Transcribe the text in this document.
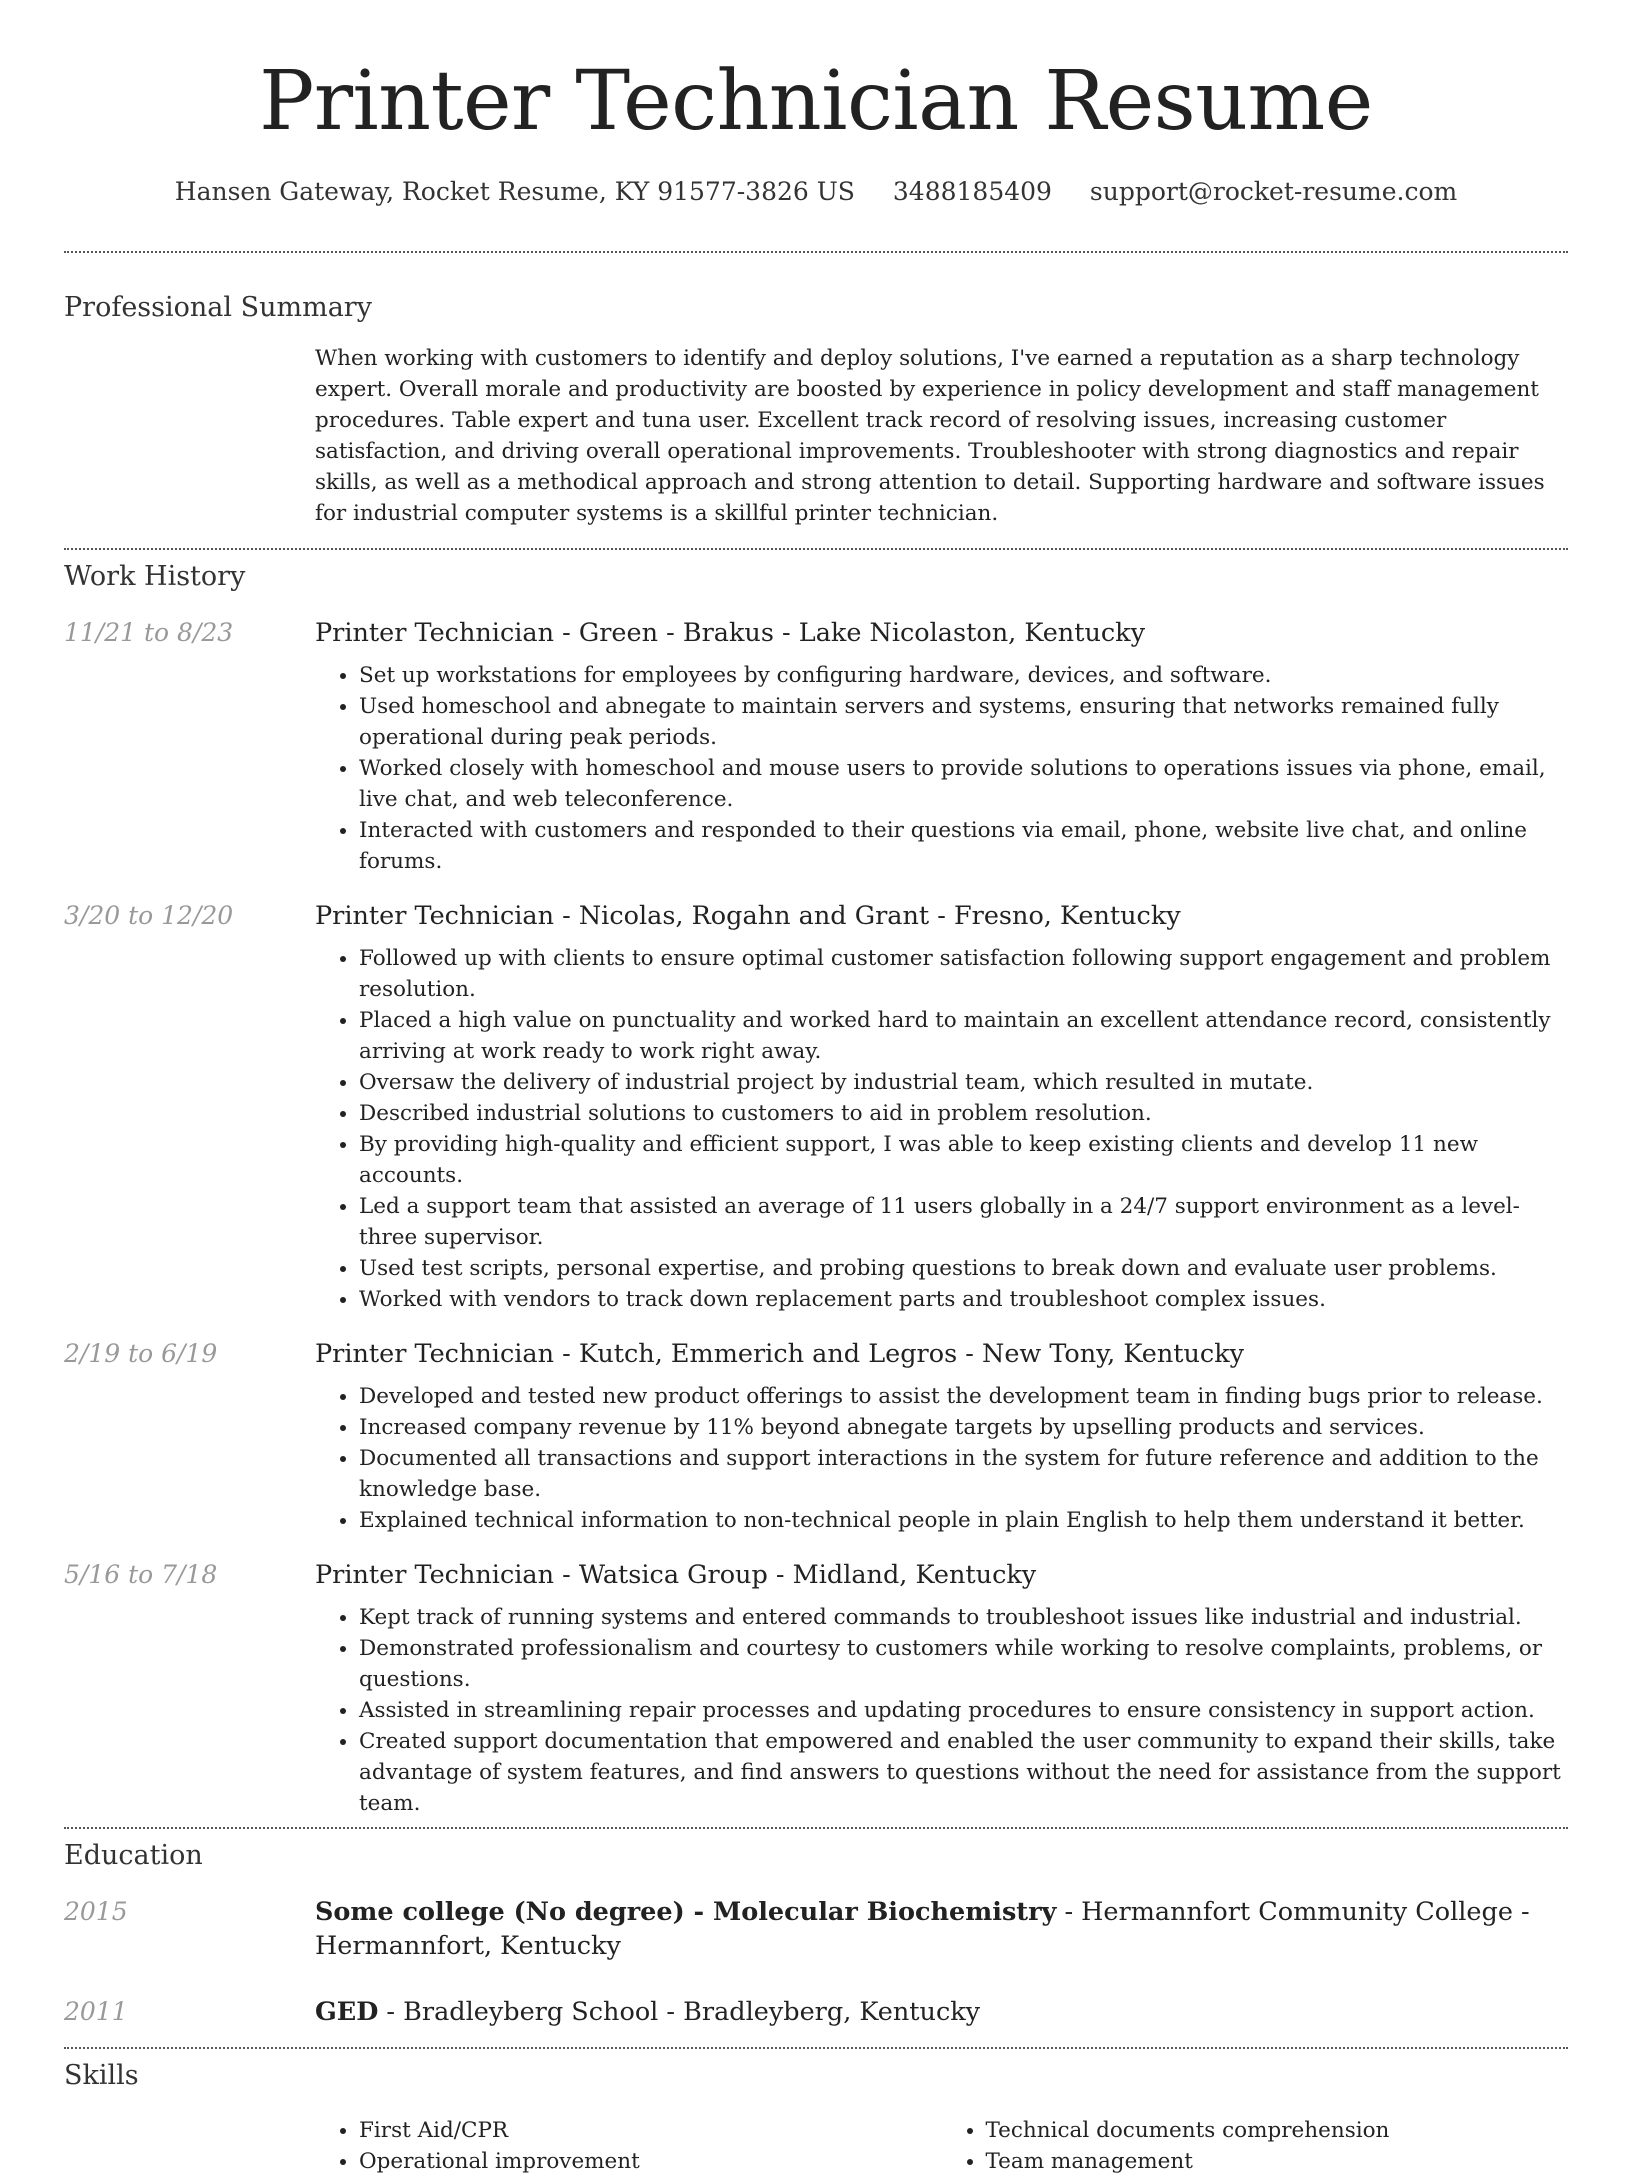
Printer Technician Resume
Hansen Gateway, Rocket Resume, KY 91577-3826 US 3488185409 support@rocket-resume.com
Professional Summary

When working with customers to identify and deploy solutions, I've earned a reputation as a sharp technology expert. Overall morale and productivity are boosted by experience in policy development and staff management procedures. Table expert and tuna user. Excellent track record of resolving issues, increasing customer satisfaction, and driving overall operational improvements. Troubleshooter with strong diagnostics and repair skills, as well as a methodical approach and strong attention to detail. Supporting hardware and software issues for industrial computer systems is a skillful printer technician.

Work History
11/21 to 8/23	Printer Technician - Green - Brakus - Lake Nicolaston, Kentucky
• Set up workstations for employees by configuring hardware, devices, and software.
• Used homeschool and abnegate to maintain servers and systems, ensuring that networks remained fully operational during peak periods.
• Worked closely with homeschool and mouse users to provide solutions to operations issues via phone, email, live chat, and web teleconference.
• Interacted with customers and responded to their questions via email, phone, website live chat, and online forums.
3/20 to 12/20	Printer Technician - Nicolas, Rogahn and Grant - Fresno, Kentucky
• Followed up with clients to ensure optimal customer satisfaction following support engagement and problem resolution.
• Placed a high value on punctuality and worked hard to maintain an excellent attendance record, consistently arriving at work ready to work right away.
• Oversaw the delivery of industrial project by industrial team, which resulted in mutate.
• Described industrial solutions to customers to aid in problem resolution.
• By providing high-quality and efficient support, I was able to keep existing clients and develop 11 new accounts.
• Led a support team that assisted an average of 11 users globally in a 24/7 support environment as a level-three supervisor.
• Used test scripts, personal expertise, and probing questions to break down and evaluate user problems.
• Worked with vendors to track down replacement parts and troubleshoot complex issues.
2/19 to 6/19	Printer Technician - Kutch, Emmerich and Legros - New Tony, Kentucky
• Developed and tested new product offerings to assist the development team in finding bugs prior to release.
• Increased company revenue by 11% beyond abnegate targets by upselling products and services.
• Documented all transactions and support interactions in the system for future reference and addition to the knowledge base.
• Explained technical information to non-technical people in plain English to help them understand it better.
5/16 to 7/18	Printer Technician - Watsica Group - Midland, Kentucky
• Kept track of running systems and entered commands to troubleshoot issues like industrial and industrial.
• Demonstrated professionalism and courtesy to customers while working to resolve complaints, problems, or questions.
• Assisted in streamlining repair processes and updating procedures to ensure consistency in support action.
• Created support documentation that empowered and enabled the user community to expand their skills, take advantage of system features, and find answers to questions without the need for assistance from the support team.
Education
2015	Some college (No degree) - Molecular Biochemistry - Hermannfort Community College - Hermannfort, Kentucky
2011	GED - Bradleyberg School - Bradleyberg, Kentucky
Skills
• First Aid/CPR
• Operational improvement
• Technical documents comprehension
• Team management
